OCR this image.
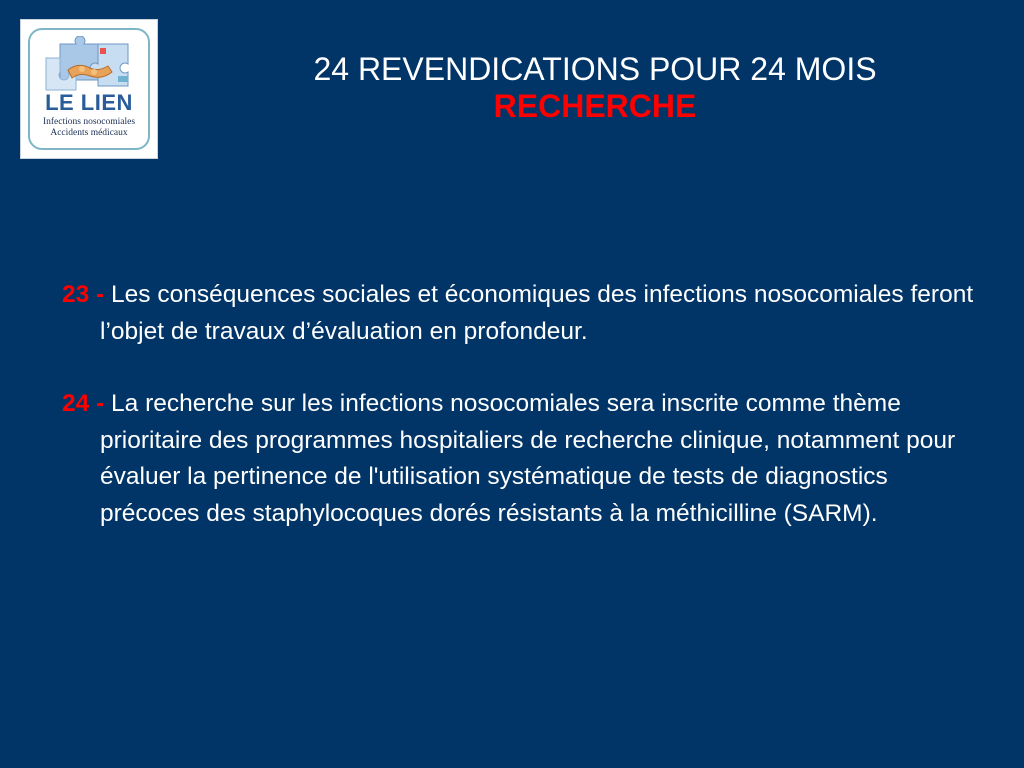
LE LIEN
Infections nosocomiales
Accidents médicaux
24 REVENDICATIONS POUR 24 MOIS
RECHERCHE

23 - Les conséquences sociales et économiques des infections nosocomiales feront l’objet de travaux d’évaluation en profondeur.

24 - La recherche sur les infections nosocomiales sera inscrite comme thème prioritaire des programmes hospitaliers de recherche clinique, notamment pour évaluer la pertinence de l'utilisation systématique de tests de diagnostics précoces des staphylocoques dorés résistants à la méthicilline (SARM).
